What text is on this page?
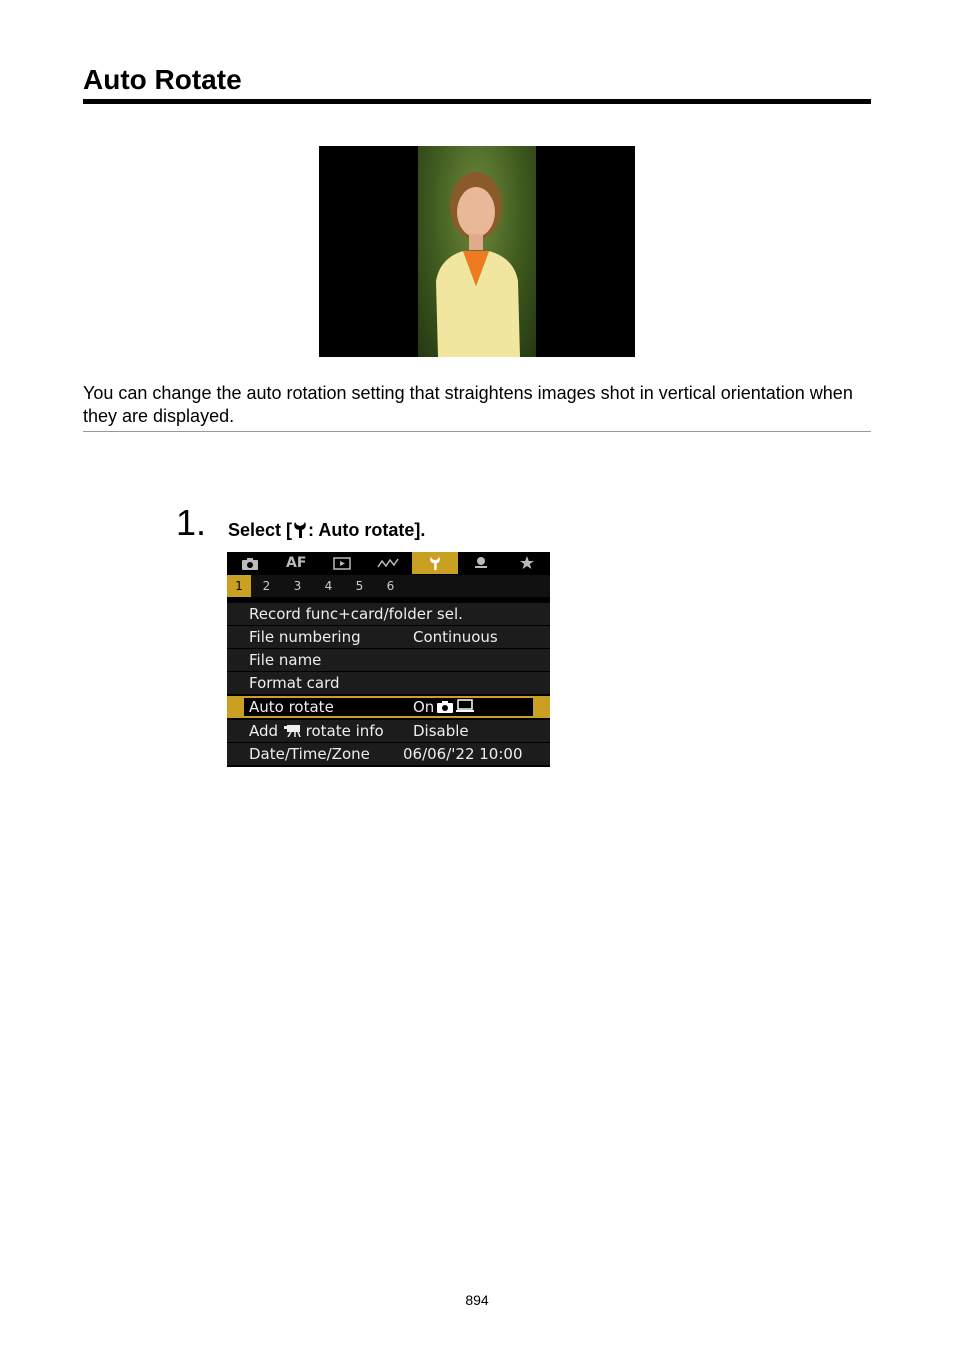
Auto Rotate
You can change the auto rotation setting that straightens images shot in vertical orientation when they are displayed.
1. Select [ : Auto rotate].
AF
1	2	3	4	5	6
Record func+card/folder sel.
File numbering	Continuous
File name
Format card
Auto rotate	On
Add rotate info Disable
Date/Time/Zone 06/06/'22 10:00
894
